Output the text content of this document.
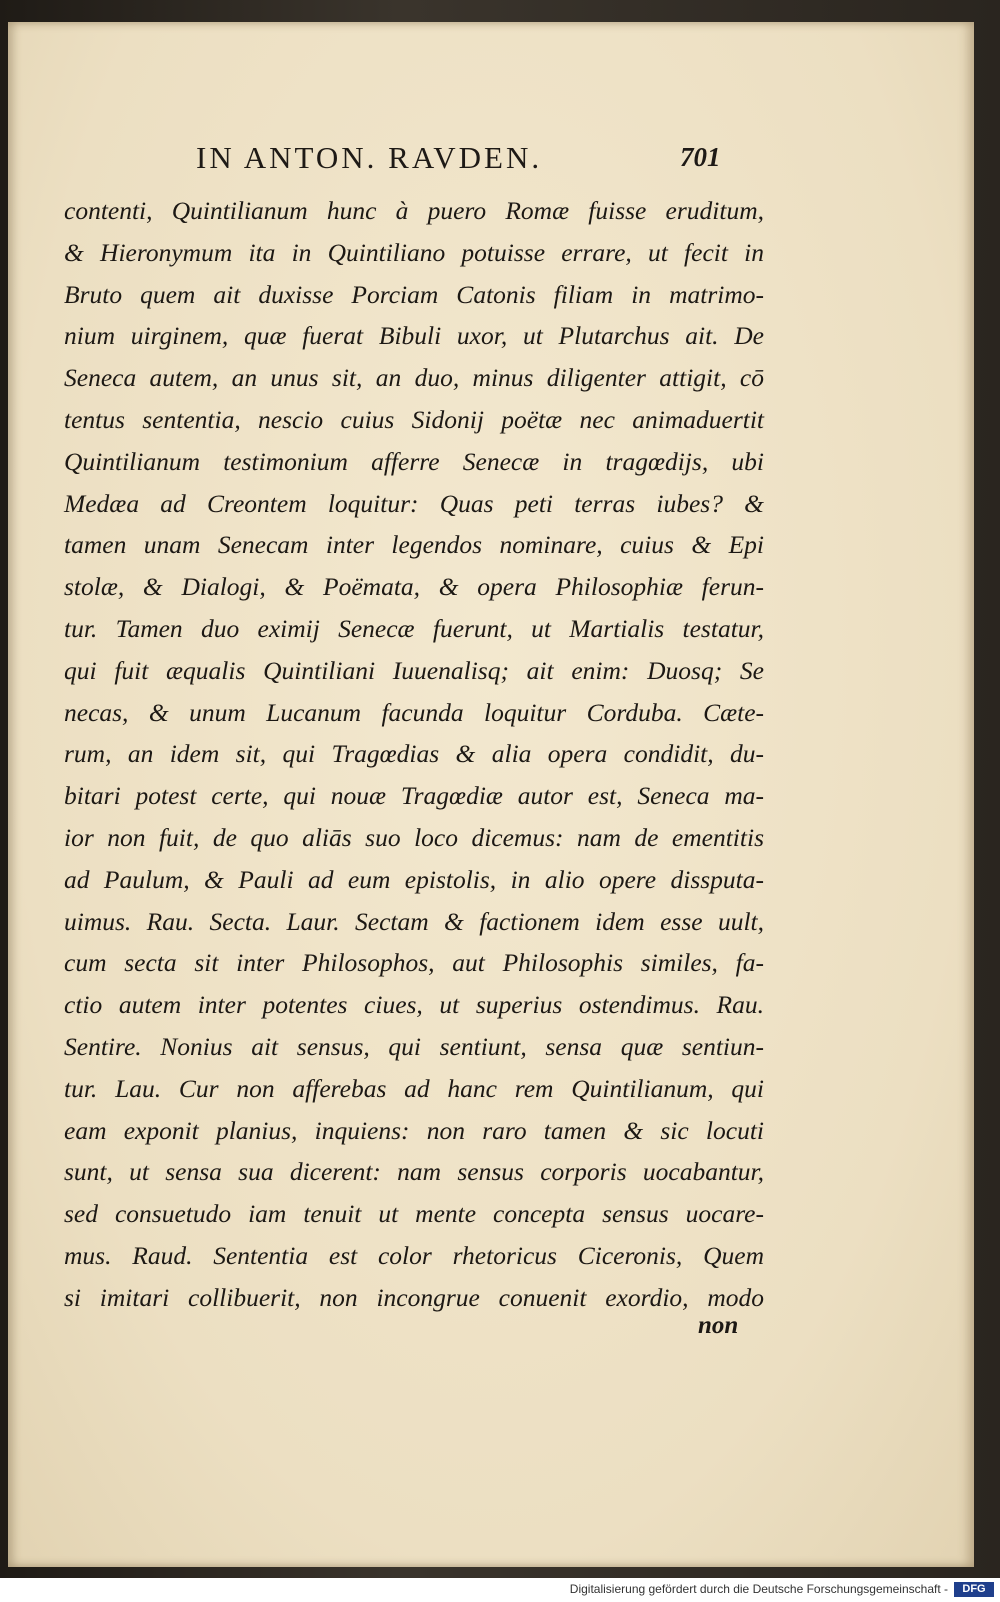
IN ANTON. RAVDEN.	701
contenti, Quintilianum hunc à puero Romæ fuisse eruditum,
& Hieronymum ita in Quintiliano potuisse errare, ut fecit in
Bruto quem ait duxisse Porciam Catonis filiam in matrimo-
nium uirginem, quæ fuerat Bibuli uxor, ut Plutarchus ait. De
Seneca autem, an unus sit, an duo, minus diligenter attigit, cō
tentus sententia, nescio cuius Sidonij poëtæ nec animaduertit
Quintilianum testimonium afferre Senecæ in tragœdijs, ubi
Medæa ad Creontem loquitur: Quas peti terras iubes? &
tamen unam Senecam inter legendos nominare, cuius & Epi
stolæ, & Dialogi, & Poëmata, & opera Philosophiæ ferun-
tur. Tamen duo eximij Senecæ fuerunt, ut Martialis testatur,
qui fuit æqualis Quintiliani Iuuenalisq; ait enim: Duosq; Se
necas, & unum Lucanum facunda loquitur Corduba. Cæte-
rum, an idem sit, qui Tragœdias & alia opera condidit, du-
bitari potest certe, qui nouæ Tragœdiæ autor est, Seneca ma-
ior non fuit, de quo aliās suo loco dicemus: nam de ementitis
ad Paulum, & Pauli ad eum epistolis, in alio opere dissputa-
uimus. Rau. Secta. Laur. Sectam & factionem idem esse uult,
cum secta sit inter Philosophos, aut Philosophis similes, fa-
ctio autem inter potentes ciues, ut superius ostendimus. Rau.
Sentire. Nonius ait sensus, qui sentiunt, sensa quæ sentiun-
tur. Lau. Cur non afferebas ad hanc rem Quintilianum, qui
eam exponit planius, inquiens: non raro tamen & sic locuti
sunt, ut sensa sua dicerent: nam sensus corporis uocabantur,
sed consuetudo iam tenuit ut mente concepta sensus uocare-
mus. Raud. Sententia est color rhetoricus Ciceronis, Quem
si imitari collibuerit, non incongrue conuenit exordio, modo
non
Digitalisierung gefördert durch die Deutsche Forschungsgemeinschaft -	DFG
